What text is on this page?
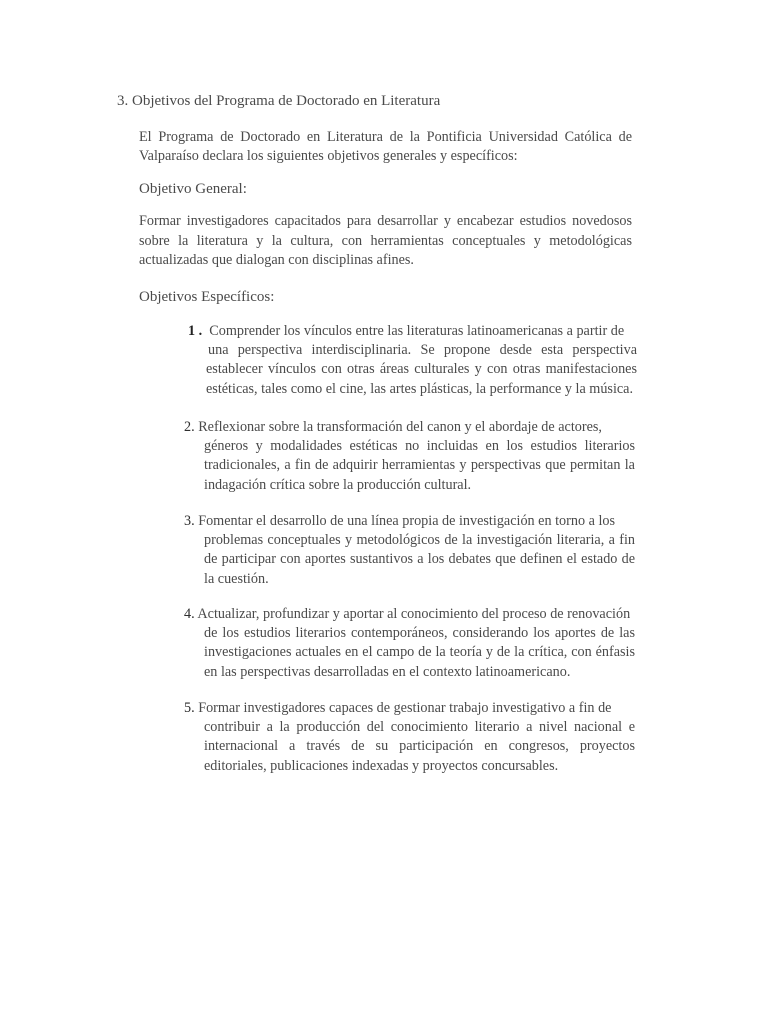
3. Objetivos del Programa de Doctorado en Literatura
El Programa de Doctorado en Literatura de la Pontificia Universidad Católica de Valparaíso declara los siguientes objetivos generales y específicos:
Objetivo General:
Formar investigadores capacitados para desarrollar y encabezar estudios novedosos sobre la literatura y la cultura, con herramientas conceptuales y metodológicas actualizadas que dialogan con disciplinas afines.
Objetivos Específicos:
1 . Comprender los vínculos entre las literaturas latinoamericanas a partir de
una perspectiva interdisciplinaria. Se propone desde esta perspectiva establecer vínculos con otras áreas culturales y con otras manifestaciones estéticas, tales como el cine, las artes plásticas, la performance y la música.
2. Reflexionar sobre la transformación del canon y el abordaje de actores,
géneros y modalidades estéticas no incluidas en los estudios literarios tradicionales, a fin de adquirir herramientas y perspectivas que permitan la indagación crítica sobre la producción cultural.
3. Fomentar el desarrollo de una línea propia de investigación en torno a los
problemas conceptuales y metodológicos de la investigación literaria, a fin de participar con aportes sustantivos a los debates que definen el estado de la cuestión.
4. Actualizar, profundizar y aportar al conocimiento del proceso de renovación
de los estudios literarios contemporáneos, considerando los aportes de las investigaciones actuales en el campo de la teoría y de la crítica, con énfasis en las perspectivas desarrolladas en el contexto latinoamericano.
5. Formar investigadores capaces de gestionar trabajo investigativo a fin de
contribuir a la producción del conocimiento literario a nivel nacional e internacional a través de su participación en congresos, proyectos editoriales, publicaciones indexadas y proyectos concursables.
